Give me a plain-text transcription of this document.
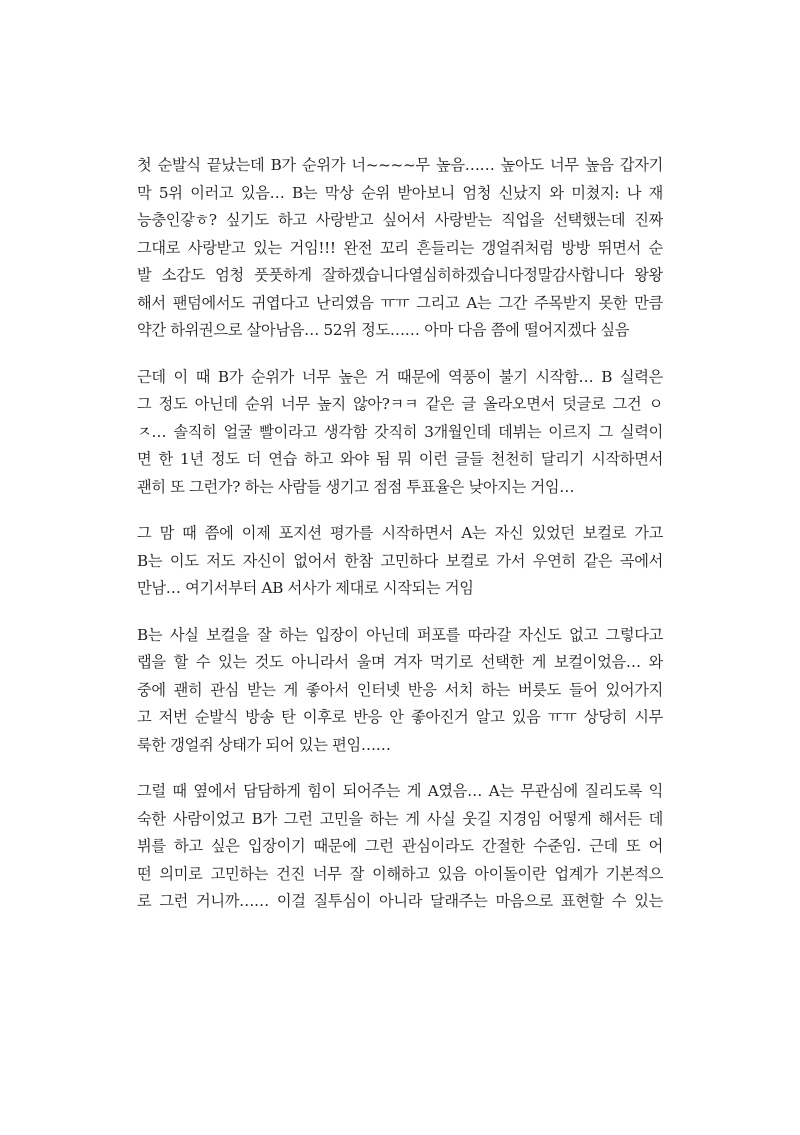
첫 순발식 끝났는데 B가 순위가 너~~~~무 높음…… 높아도 너무 높음 갑자기
막 5위 이러고 있음… B는 막상 순위 받아보니 엄청 신났지 와 미쳤지: 나 재
능충인갛ㅎ? 싶기도 하고 사랑받고 싶어서 사랑받는 직업을 선택했는데 진짜
그대로 사랑받고 있는 거임!!! 완전 꼬리 흔들리는 갱얼쥐처럼 방방 뛰면서 순
발 소감도 엄청 풋풋하게 잘하겠습니다열심히하겠습니다정말감사합니다 왕왕
해서 팬덤에서도 귀엽다고 난리였음 ㅠㅠ 그리고 A는 그간 주목받지 못한 만큼
약간 하위권으로 살아남음… 52위 정도…… 아마 다음 쯤에 떨어지겠다 싶음
근데 이 때 B가 순위가 너무 높은 거 때문에 역풍이 불기 시작함… B 실력은
그 정도 아닌데 순위 너무 높지 않아?ㅋㅋ 같은 글 올라오면서 덧글로 그건 ㅇ
ㅈ… 솔직히 얼굴 빨이라고 생각함 갓직히 3개월인데 데뷔는 이르지 그 실력이
면 한 1년 정도 더 연습 하고 와야 됨 뭐 이런 글들 천천히 달리기 시작하면서
괜히 또 그런가? 하는 사람들 생기고 점점 투표율은 낮아지는 거임…
그 맘 때 쯤에 이제 포지션 평가를 시작하면서 A는 자신 있었던 보컬로 가고
B는 이도 저도 자신이 없어서 한참 고민하다 보컬로 가서 우연히 같은 곡에서
만남… 여기서부터 AB 서사가 제대로 시작되는 거임
B는 사실 보컬을 잘 하는 입장이 아닌데 퍼포를 따라갈 자신도 없고 그렇다고
랩을 할 수 있는 것도 아니라서 울며 겨자 먹기로 선택한 게 보컬이었음… 와
중에 괜히 관심 받는 게 좋아서 인터넷 반응 서치 하는 버릇도 들어 있어가지
고 저번 순발식 방송 탄 이후로 반응 안 좋아진거 알고 있음 ㅠㅠ 상당히 시무
룩한 갱얼쥐 상태가 되어 있는 편임……
그럴 때 옆에서 담담하게 힘이 되어주는 게 A였음… A는 무관심에 질리도록 익
숙한 사람이었고 B가 그런 고민을 하는 게 사실 웃길 지경임 어떻게 해서든 데
뷔를 하고 싶은 입장이기 때문에 그런 관심이라도 간절한 수준임. 근데 또 어
떤 의미로 고민하는 건진 너무 잘 이해하고 있음 아이돌이란 업계가 기본적으
로 그런 거니까…… 이걸 질투심이 아니라 달래주는 마음으로 표현할 수 있는
